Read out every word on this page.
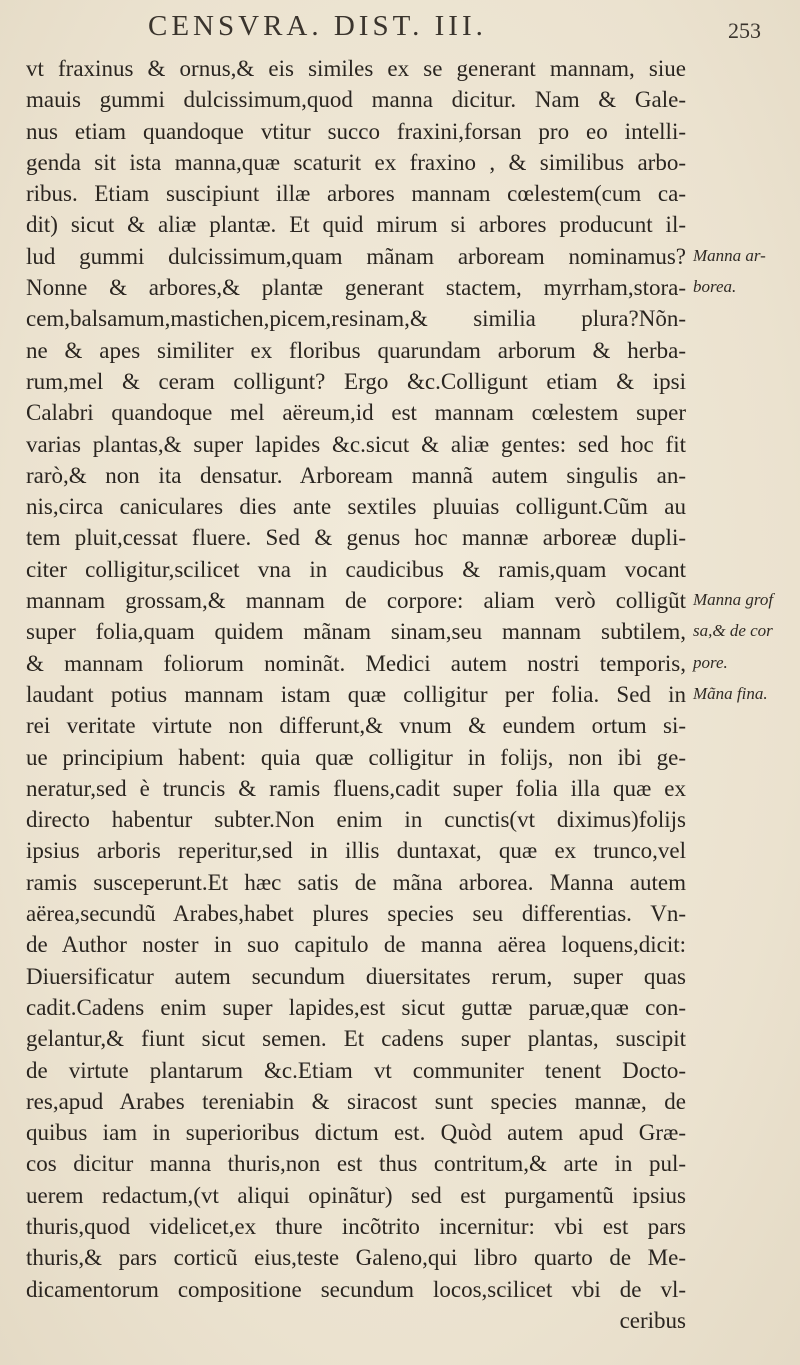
CENSVRA. DIST. III.	253
vt fraxinus & ornus,& eis similes ex se generant mannam, siue
mauis gummi dulcissimum,quod manna dicitur. Nam & Gale-
nus etiam quandoque vtitur succo fraxini,forsan pro eo intelli-
genda sit ista manna,quæ scaturit ex fraxino , & similibus arbo-
ribus. Etiam suscipiunt illæ arbores mannam cœlestem(cum ca-
dit) sicut & aliæ plantæ. Et quid mirum si arbores producunt il-
lud gummi dulcissimum,quam mãnam arboream nominamus?
Nonne & arbores,& plantæ generant stactem, myrrham,stora-
cem,balsamum,mastichen,picem,resinam,& similia plura?Nõn-
ne & apes similiter ex floribus quarundam arborum & herba-
rum,mel & ceram colligunt? Ergo &c.Colligunt etiam & ipsi
Calabri quandoque mel aëreum,id est mannam cœlestem super
varias plantas,& super lapides &c.sicut & aliæ gentes: sed hoc fit
rarò,& non ita densatur. Arboream mannã autem singulis an-
nis,circa caniculares dies ante sextiles pluuias colligunt.Cũm au
tem pluit,cessat fluere. Sed & genus hoc mannæ arboreæ dupli-
citer colligitur,scilicet vna in caudicibus & ramis,quam vocant
mannam grossam,& mannam de corpore: aliam verò colligũt
super folia,quam quidem mãnam sinam,seu mannam subtilem,
& mannam foliorum nominãt. Medici autem nostri temporis,
laudant potius mannam istam quæ colligitur per folia. Sed in
rei veritate virtute non differunt,& vnum & eundem ortum si-
ue principium habent: quia quæ colligitur in folijs, non ibi ge-
neratur,sed è truncis & ramis fluens,cadit super folia illa quæ ex
directo habentur subter.Non enim in cunctis(vt diximus)folijs
ipsius arboris reperitur,sed in illis duntaxat, quæ ex trunco,vel
ramis susceperunt.Et hæc satis de mãna arborea. Manna autem
aërea,secundũ Arabes,habet plures species seu differentias. Vn-
de Author noster in suo capitulo de manna aërea loquens,dicit:
Diuersificatur autem secundum diuersitates rerum, super quas
cadit.Cadens enim super lapides,est sicut guttæ paruæ,quæ con-
gelantur,& fiunt sicut semen. Et cadens super plantas, suscipit
de virtute plantarum &c.Etiam vt communiter tenent Docto-
res,apud Arabes tereniabin & siracost sunt species mannæ, de
quibus iam in superioribus dictum est. Quòd autem apud Græ-
cos dicitur manna thuris,non est thus contritum,& arte in pul-
uerem redactum,(vt aliqui opinãtur) sed est purgamentũ ipsius
thuris,quod videlicet,ex thure incõtrito incernitur: vbi est pars
thuris,& pars corticũ eius,teste Galeno,qui libro quarto de Me-
dicamentorum compositione secundum locos,scilicet vbi de vl-
ceribus
Manna ar-
borea.
Manna grof
sa,& de cor
pore.
Mãna fina.
